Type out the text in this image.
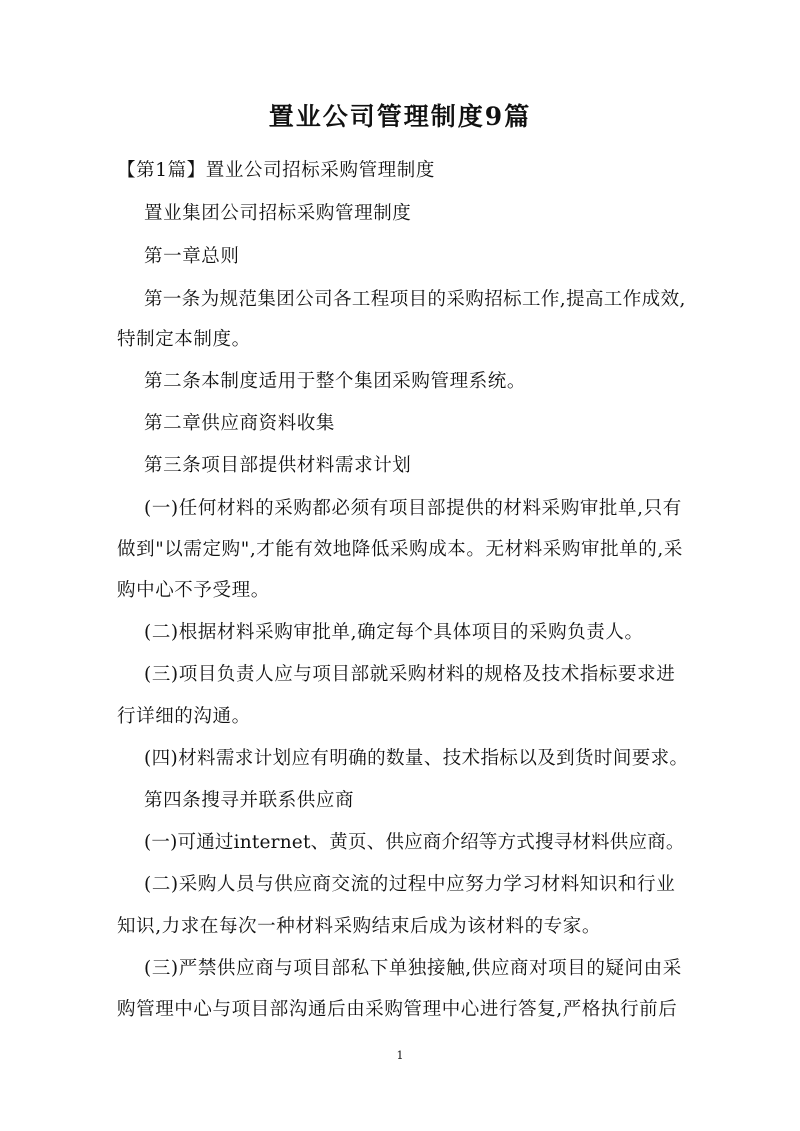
置业公司管理制度9篇
【第1篇】置业公司招标采购管理制度
置业集团公司招标采购管理制度
第一章总则
第一条为规范集团公司各工程项目的采购招标工作,提高工作成效,
特制定本制度。
第二条本制度适用于整个集团采购管理系统。
第二章供应商资料收集
第三条项目部提供材料需求计划
(一)任何材料的采购都必须有项目部提供的材料采购审批单,只有
做到"以需定购",才能有效地降低采购成本。无材料采购审批单的,采
购中心不予受理。
(二)根据材料采购审批单,确定每个具体项目的采购负责人。
(三)项目负责人应与项目部就采购材料的规格及技术指标要求进
行详细的沟通。
(四)材料需求计划应有明确的数量、技术指标以及到货时间要求。
第四条搜寻并联系供应商
(一)可通过internet、黄页、供应商介绍等方式搜寻材料供应商。
(二)采购人员与供应商交流的过程中应努力学习材料知识和行业
知识,力求在每次一种材料采购结束后成为该材料的专家。
(三)严禁供应商与项目部私下单独接触,供应商对项目的疑问由采
购管理中心与项目部沟通后由采购管理中心进行答复,严格执行前后
1
